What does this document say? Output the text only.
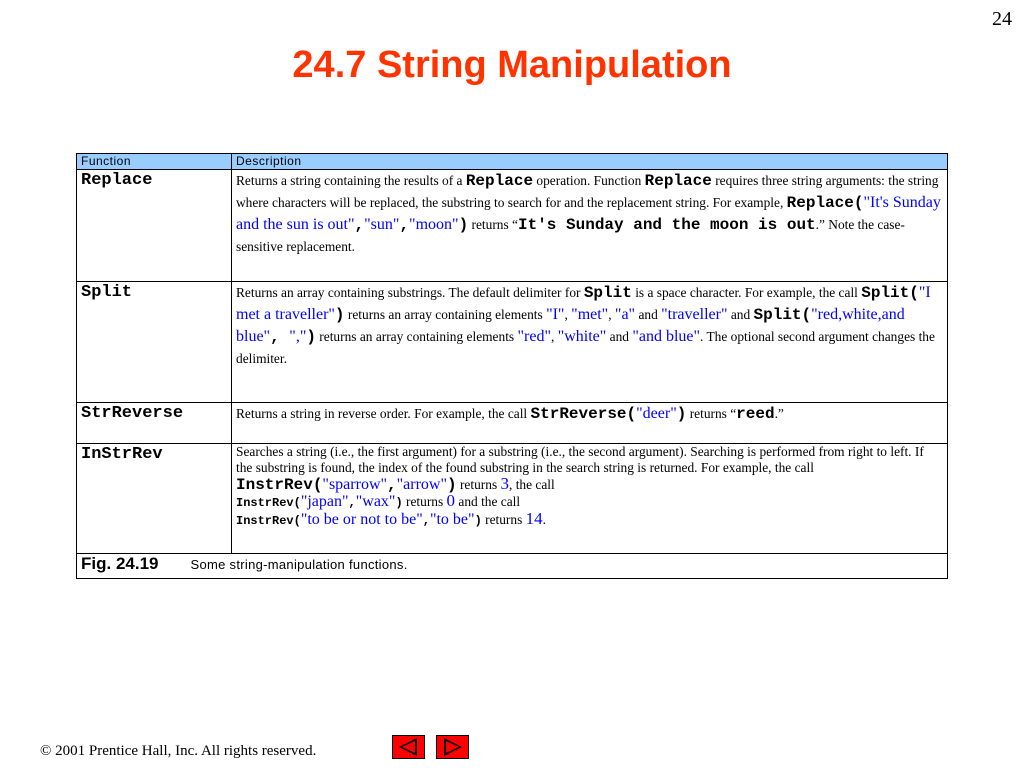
24
24.7 String Manipulation
Function	Description
Replace	Returns a string containing the results of a Replace operation. Function Replace requires three string arguments: the string where characters will be replaced, the substring to search for and the replacement string. For example, Replace("It's Sunday and the sun is out","sun","moon") returns “It's Sunday and the moon is out.” Note the case-sensitive replacement.
Split	Returns an array containing substrings. The default delimiter for Split is a space character. For example, the call Split("I met a traveller") returns an array containing elements "I", "met", "a" and "traveller" and Split("red,white,and blue", ",") returns an array containing elements "red", "white" and "and blue". The optional second argument changes the delimiter.
StrReverse	Returns a string in reverse order. For example, the call StrReverse("deer") returns “reed.”
InStrRev	Searches a string (i.e., the first argument) for a substring (i.e., the second argument). Searching is performed from right to left. If the substring is found, the index of the found substring in the search string is returned. For example, the call InstrRev("sparrow","arrow") returns 3, the call
InstrRev("japan","wax") returns 0 and the call
InstrRev("to be or not to be","to be") returns 14.
Fig. 24.19 Some string-manipulation functions.	
© 2001 Prentice Hall, Inc. All rights reserved.
